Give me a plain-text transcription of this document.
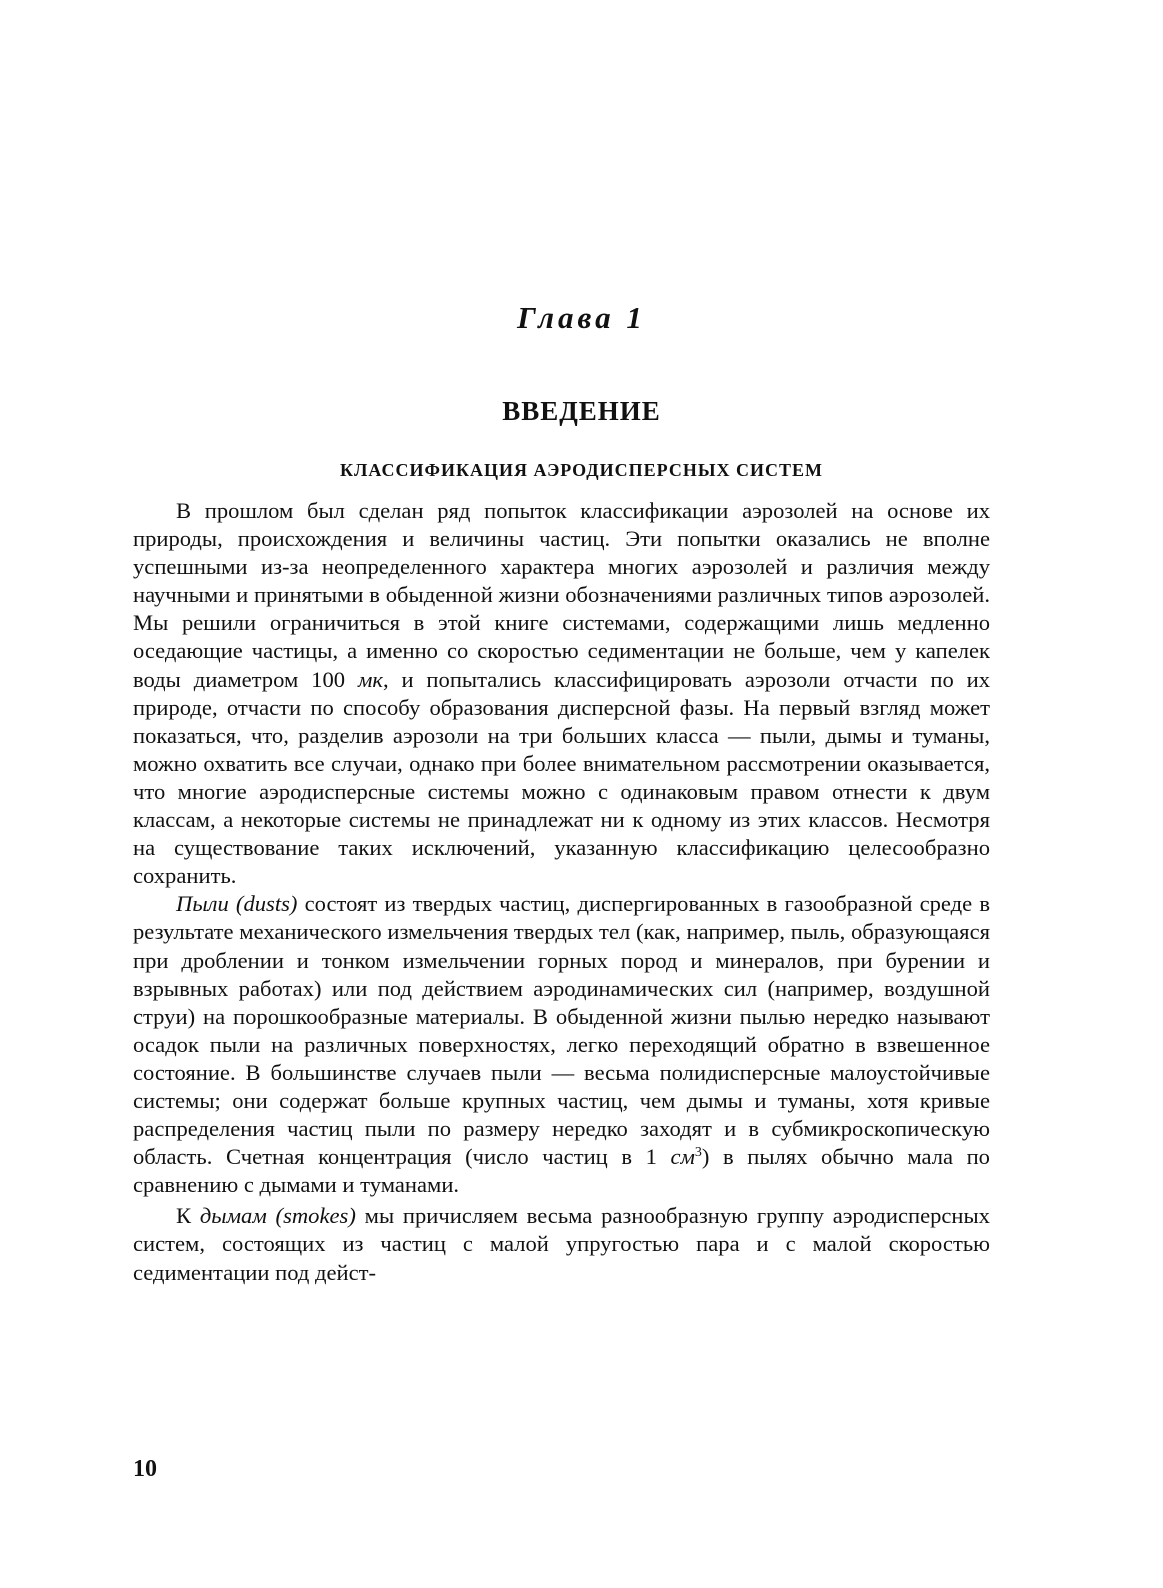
Глава 1
ВВЕДЕНИЕ
КЛАССИФИКАЦИЯ АЭРОДИСПЕРСНЫХ СИСТЕМ

В прошлом был сделан ряд попыток классификации аэрозолей на основе их природы, происхождения и величины частиц. Эти попытки оказались не вполне успешными из-за неопределенного характера многих аэрозолей и различия между научными и принятыми в обыденной жизни обозначениями различных типов аэрозолей. Мы решили ограничиться в этой книге системами, содержащими лишь медленно оседающие частицы, а именно со скоростью седиментации не больше, чем у капелек воды диаметром 100 мк, и попытались классифицировать аэрозоли отчасти по их природе, отчасти по способу образования дисперсной фазы. На первый взгляд может показаться, что, разделив аэрозоли на три больших класса — пыли, дымы и туманы, можно охватить все случаи, однако при более внимательном рассмотрении оказывается, что многие аэродисперсные системы можно с одинаковым правом отнести к двум классам, а некоторые системы не принадлежат ни к одному из этих классов. Несмотря на существование таких исключений, указанную классификацию целесообразно сохранить.

Пыли (dusts) состоят из твердых частиц, диспергированных в газообразной среде в результате механического измельчения твердых тел (как, например, пыль, образующаяся при дроблении и тонком измельчении горных пород и минералов, при бурении и взрывных работах) или под действием аэродинамических сил (например, воздушной струи) на порошкообразные материалы. В обыденной жизни пылью нередко называют осадок пыли на различных поверхностях, легко переходящий обратно в взвешенное состояние. В большинстве случаев пыли — весьма полидисперсные малоустойчивые системы; они содержат больше крупных частиц, чем дымы и туманы, хотя кривые распределения частиц пыли по размеру нередко заходят и в субмикроскопическую область. Счетная концентрация (число частиц в 1 $см^3$) в пылях обычно мала по сравнению с дымами и туманами.

К дымам (smokes) мы причисляем весьма разнообразную группу аэродисперсных систем, состоящих из частиц с малой упругостью пара и с малой скоростью седиментации под дейст-

10
